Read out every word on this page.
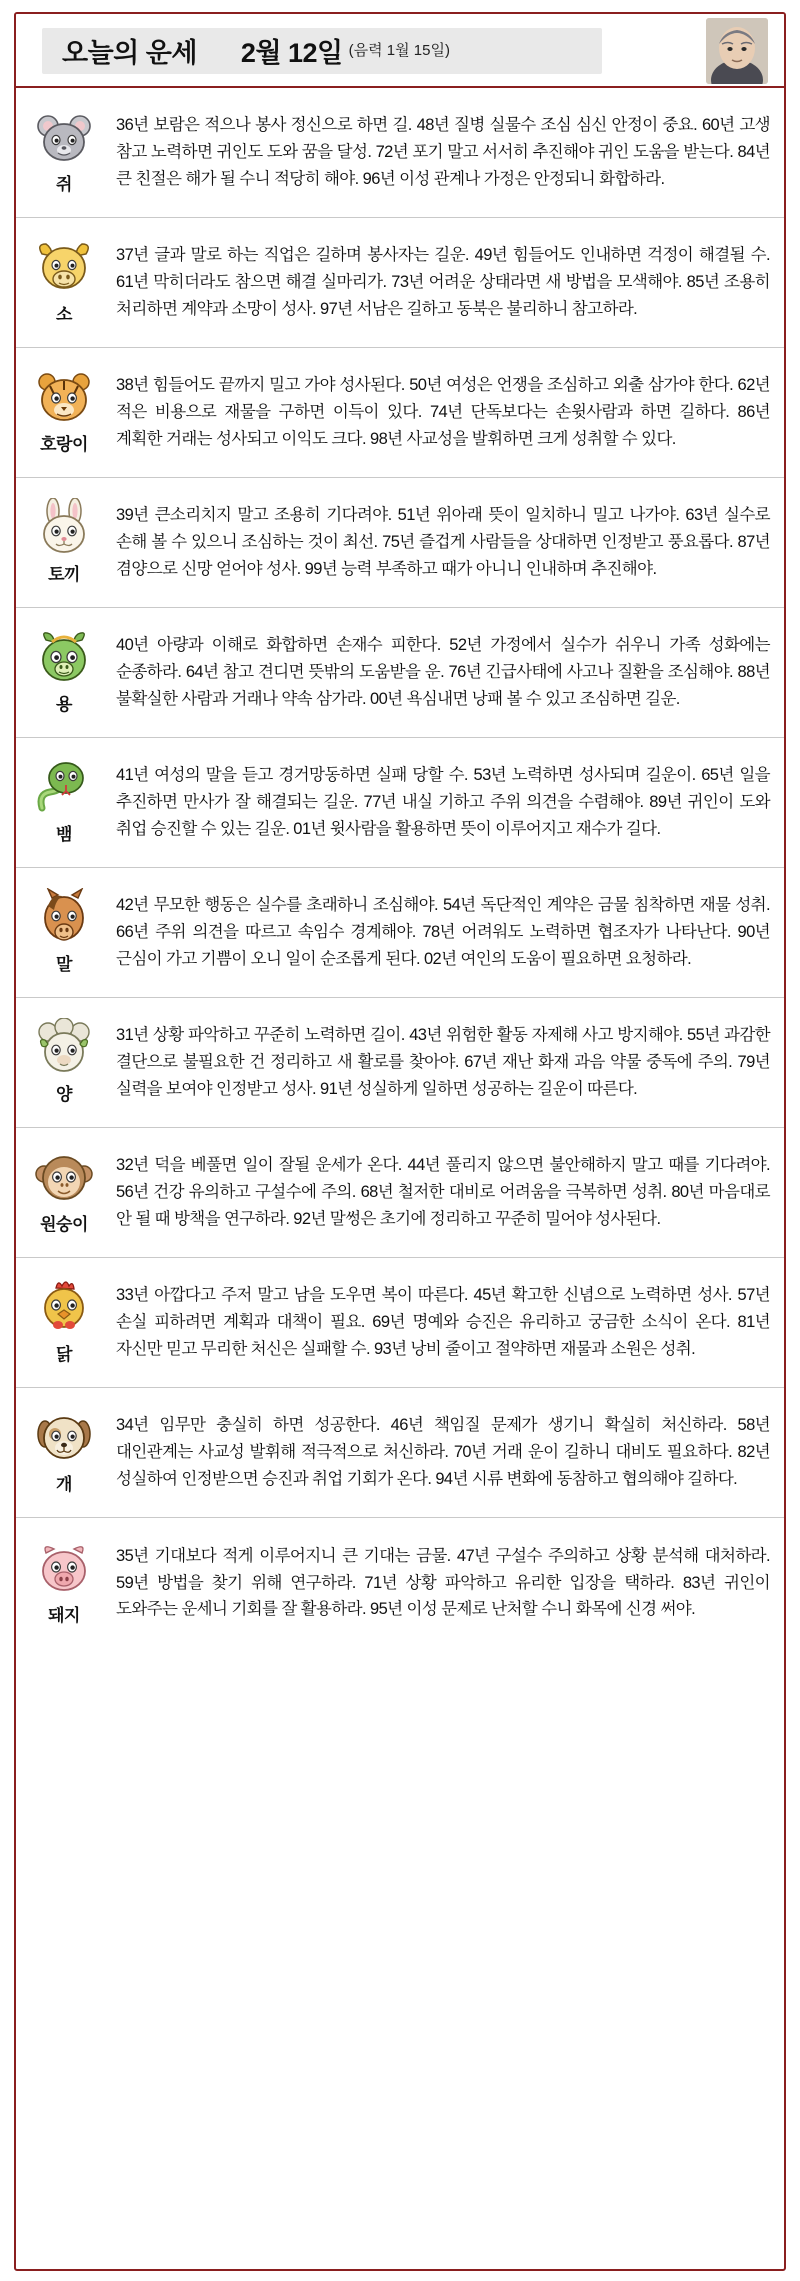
오늘의 운세 2월 12일 (음력 1월 15일)
쥐
36년 보람은 적으나 봉사 정신으로 하면 길. 48년 질병 실물수 조심 심신 안정이 중요. 60년 고생 참고 노력하면 귀인도 도와 꿈을 달성. 72년 포기 말고 서서히 추진해야 귀인 도움을 받는다. 84년 큰 친절은 해가 될 수니 적당히 해야. 96년 이성 관계나 가정은 안정되니 화합하라.
소
37년 글과 말로 하는 직업은 길하며 봉사자는 길운. 49년 힘들어도 인내하면 걱정이 해결될 수. 61년 막히더라도 참으면 해결 실마리가. 73년 어려운 상태라면 새 방법을 모색해야. 85년 조용히 처리하면 계약과 소망이 성사. 97년 서남은 길하고 동북은 불리하니 참고하라.
호랑이
38년 힘들어도 끝까지 밀고 가야 성사된다. 50년 여성은 언쟁을 조심하고 외출 삼가야 한다. 62년 적은 비용으로 재물을 구하면 이득이 있다. 74년 단독보다는 손윗사람과 하면 길하다. 86년 계획한 거래는 성사되고 이익도 크다. 98년 사교성을 발휘하면 크게 성취할 수 있다.
토끼
39년 큰소리치지 말고 조용히 기다려야. 51년 위아래 뜻이 일치하니 밀고 나가야. 63년 실수로 손해 볼 수 있으니 조심하는 것이 최선. 75년 즐겁게 사람들을 상대하면 인정받고 풍요롭다. 87년 겸양으로 신망 얻어야 성사. 99년 능력 부족하고 때가 아니니 인내하며 추진해야.
용
40년 아량과 이해로 화합하면 손재수 피한다. 52년 가정에서 실수가 쉬우니 가족 성화에는 순종하라. 64년 참고 견디면 뜻밖의 도움받을 운. 76년 긴급사태에 사고나 질환을 조심해야. 88년 불확실한 사람과 거래나 약속 삼가라. 00년 욕심내면 낭패 볼 수 있고 조심하면 길운.
뱀
41년 여성의 말을 듣고 경거망동하면 실패 당할 수. 53년 노력하면 성사되며 길운이. 65년 일을 추진하면 만사가 잘 해결되는 길운. 77년 내실 기하고 주위 의견을 수렴해야. 89년 귀인이 도와 취업 승진할 수 있는 길운. 01년 윗사람을 활용하면 뜻이 이루어지고 재수가 길다.
말
42년 무모한 행동은 실수를 초래하니 조심해야. 54년 독단적인 계약은 금물 침착하면 재물 성취. 66년 주위 의견을 따르고 속임수 경계해야. 78년 어려워도 노력하면 협조자가 나타난다. 90년 근심이 가고 기쁨이 오니 일이 순조롭게 된다. 02년 여인의 도움이 필요하면 요청하라.
양
31년 상황 파악하고 꾸준히 노력하면 길이. 43년 위험한 활동 자제해 사고 방지해야. 55년 과감한 결단으로 불필요한 건 정리하고 새 활로를 찾아야. 67년 재난 화재 과음 약물 중독에 주의. 79년 실력을 보여야 인정받고 성사. 91년 성실하게 일하면 성공하는 길운이 따른다.
원숭이
32년 덕을 베풀면 일이 잘될 운세가 온다. 44년 풀리지 않으면 불안해하지 말고 때를 기다려야. 56년 건강 유의하고 구설수에 주의. 68년 철저한 대비로 어려움을 극복하면 성취. 80년 마음대로 안 될 때 방책을 연구하라. 92년 말썽은 초기에 정리하고 꾸준히 밀어야 성사된다.
닭
33년 아깝다고 주저 말고 남을 도우면 복이 따른다. 45년 확고한 신념으로 노력하면 성사. 57년 손실 피하려면 계획과 대책이 필요. 69년 명예와 승진은 유리하고 궁금한 소식이 온다. 81년 자신만 믿고 무리한 처신은 실패할 수. 93년 낭비 줄이고 절약하면 재물과 소원은 성취.
개
34년 임무만 충실히 하면 성공한다. 46년 책임질 문제가 생기니 확실히 처신하라. 58년 대인관계는 사교성 발휘해 적극적으로 처신하라. 70년 거래 운이 길하니 대비도 필요하다. 82년 성실하여 인정받으면 승진과 취업 기회가 온다. 94년 시류 변화에 동참하고 협의해야 길하다.
돼지
35년 기대보다 적게 이루어지니 큰 기대는 금물. 47년 구설수 주의하고 상황 분석해 대처하라. 59년 방법을 찾기 위해 연구하라. 71년 상황 파악하고 유리한 입장을 택하라. 83년 귀인이 도와주는 운세니 기회를 잘 활용하라. 95년 이성 문제로 난처할 수니 화목에 신경 써야.
